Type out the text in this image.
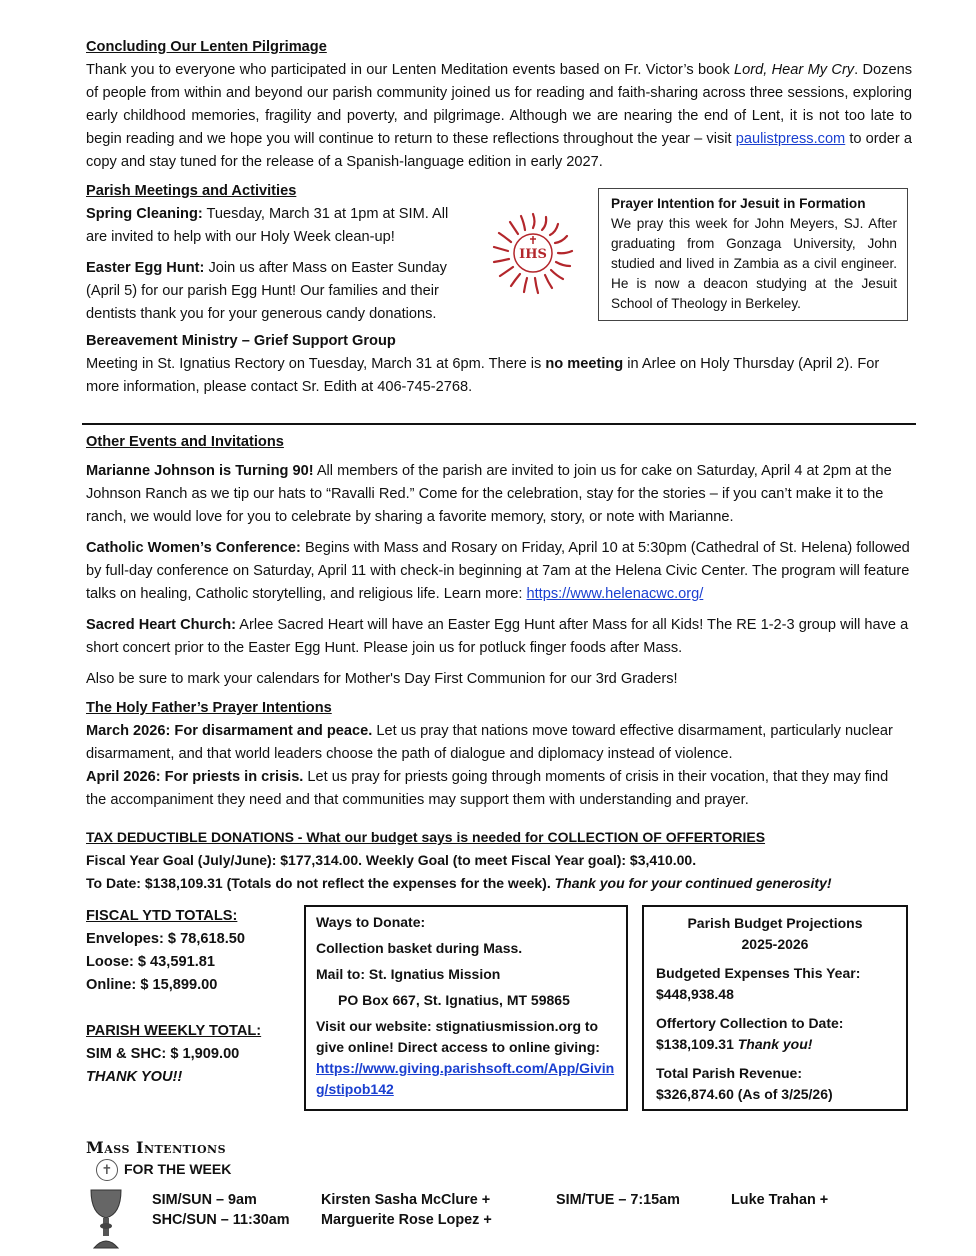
Concluding Our Lenten Pilgrimage

Thank you to everyone who participated in our Lenten Meditation events based on Fr. Victor’s book Lord, Hear My Cry. Dozens of people from within and beyond our parish community joined us for reading and faith-sharing across three sessions, exploring early childhood memories, fragility and poverty, and pilgrimage. Although we are nearing the end of Lent, it is not too late to begin reading and we hope you will continue to return to these reflections throughout the year – visit paulistpress.com to order a copy and stay tuned for the release of a Spanish-language edition in early 2027.

Parish Meetings and Activities

Spring Cleaning: Tuesday, March 31 at 1pm at SIM. All are invited to help with our Holy Week clean-up!

Easter Egg Hunt: Join us after Mass on Easter Sunday (April 5) for our parish Egg Hunt! Our families and their dentists thank you for your generous candy donations.

IHS
Prayer Intention for Jesuit in Formation
We pray this week for John Meyers, SJ. After graduating from Gonzaga University, John studied and lived in Zambia as a civil engineer. He is now a deacon studying at the Jesuit School of Theology in Berkeley.

Bereavement Ministry – Grief Support Group

Meeting in St. Ignatius Rectory on Tuesday, March 31 at 6pm. There is no meeting in Arlee on Holy Thursday (April 2). For more information, please contact Sr. Edith at 406-745-2768.

Other Events and Invitations

Marianne Johnson is Turning 90! All members of the parish are invited to join us for cake on Saturday, April 4 at 2pm at the Johnson Ranch as we tip our hats to “Ravalli Red.” Come for the celebration, stay for the stories – if you can’t make it to the ranch, we would love for you to celebrate by sharing a favorite memory, story, or note with Marianne.

Catholic Women’s Conference: Begins with Mass and Rosary on Friday, April 10 at 5:30pm (Cathedral of St. Helena) followed by full-day conference on Saturday, April 11 with check-in beginning at 7am at the Helena Civic Center. The program will feature talks on healing, Catholic storytelling, and religious life. Learn more: https://www.helenacwc.org/

Sacred Heart Church: Arlee Sacred Heart will have an Easter Egg Hunt after Mass for all Kids! The RE 1-2-3 group will have a short concert prior to the Easter Egg Hunt. Please join us for potluck finger foods after Mass.

Also be sure to mark your calendars for Mother's Day First Communion for our 3rd Graders!

The Holy Father’s Prayer Intentions

March 2026: For disarmament and peace. Let us pray that nations move toward effective disarmament, particularly nuclear disarmament, and that world leaders choose the path of dialogue and diplomacy instead of violence.

April 2026: For priests in crisis. Let us pray for priests going through moments of crisis in their vocation, that they may find the accompaniment they need and that communities may support them with understanding and prayer.

TAX DEDUCTIBLE DONATIONS - What our budget says is needed for COLLECTION OF OFFERTORIES

Fiscal Year Goal (July/June): $177,314.00. Weekly Goal (to meet Fiscal Year goal): $3,410.00.

To Date: $138,109.31 (Totals do not reflect the expenses for the week). Thank you for your continued generosity!

FISCAL YTD TOTALS:

Envelopes: $ 78,618.50

Loose: $ 43,591.81

Online: $ 15,899.00

PARISH WEEKLY TOTAL:

SIM & SHC: $ 1,909.00

THANK YOU!!

Ways to Donate:

Collection basket during Mass.

Mail to: St. Ignatius Mission

PO Box 667, St. Ignatius, MT 59865

Visit our website: stignatiusmission.org to give online! Direct access to online giving:

https://www.giving.parishsoft.com/App/Giving/stipob142

Parish Budget Projections

2025-2026

Budgeted Expenses This Year:

$448,938.48

Offertory Collection to Date:

$138,109.31 Thank you!

Total Parish Revenue:

$326,874.60 (As of 3/25/26)

Mass Intentions
✝ FOR THE WEEK
SIM/SUN – 9am
SHC/SUN – 11:30am
Kirsten Sasha McClure +
Marguerite Rose Lopez +
SIM/TUE – 7:15am	Luke Trahan +
